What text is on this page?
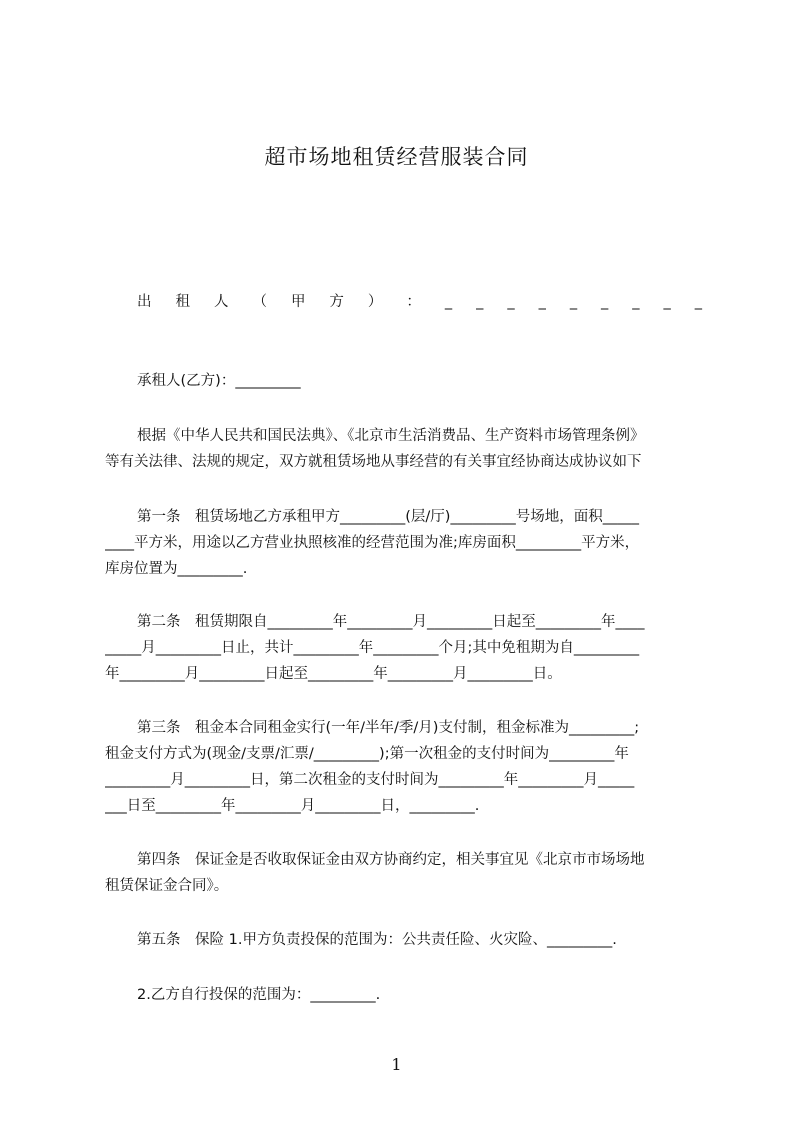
超市场地租赁经营服装合同
出 租 人 （ 甲 方 ） ： _ _ _ _ _ _ _ _ _
承租人(乙方)：_________
根据《中华人民共和国民法典》、《北京市生活消费品、生产资料市场管理条例》
等有关法律、法规的规定，双方就租赁场地从事经营的有关事宜经协商达成协议如下
第一条　租赁场地乙方承租甲方_________(层/厅)_________号场地，面积_____
____平方米，用途以乙方营业执照核准的经营范围为准;库房面积_________平方米，
库房位置为_________.
第二条　租赁期限自_________年_________月_________日起至_________年____
_____月_________日止，共计_________年_________个月;其中免租期为自_________
年_________月_________日起至_________年_________月_________日。
第三条　租金本合同租金实行(一年/半年/季/月)支付制，租金标准为_________;
租金支付方式为(现金/支票/汇票/_________);第一次租金的支付时间为_________年
_________月_________日，第二次租金的支付时间为_________年_________月_____
___日至_________年_________月_________日，_________.
第四条　保证金是否收取保证金由双方协商约定，相关事宜见《北京市市场场地
租赁保证金合同》。
第五条　保险 1.甲方负责投保的范围为：公共责任险、火灾险、_________.
2.乙方自行投保的范围为：_________.
1
